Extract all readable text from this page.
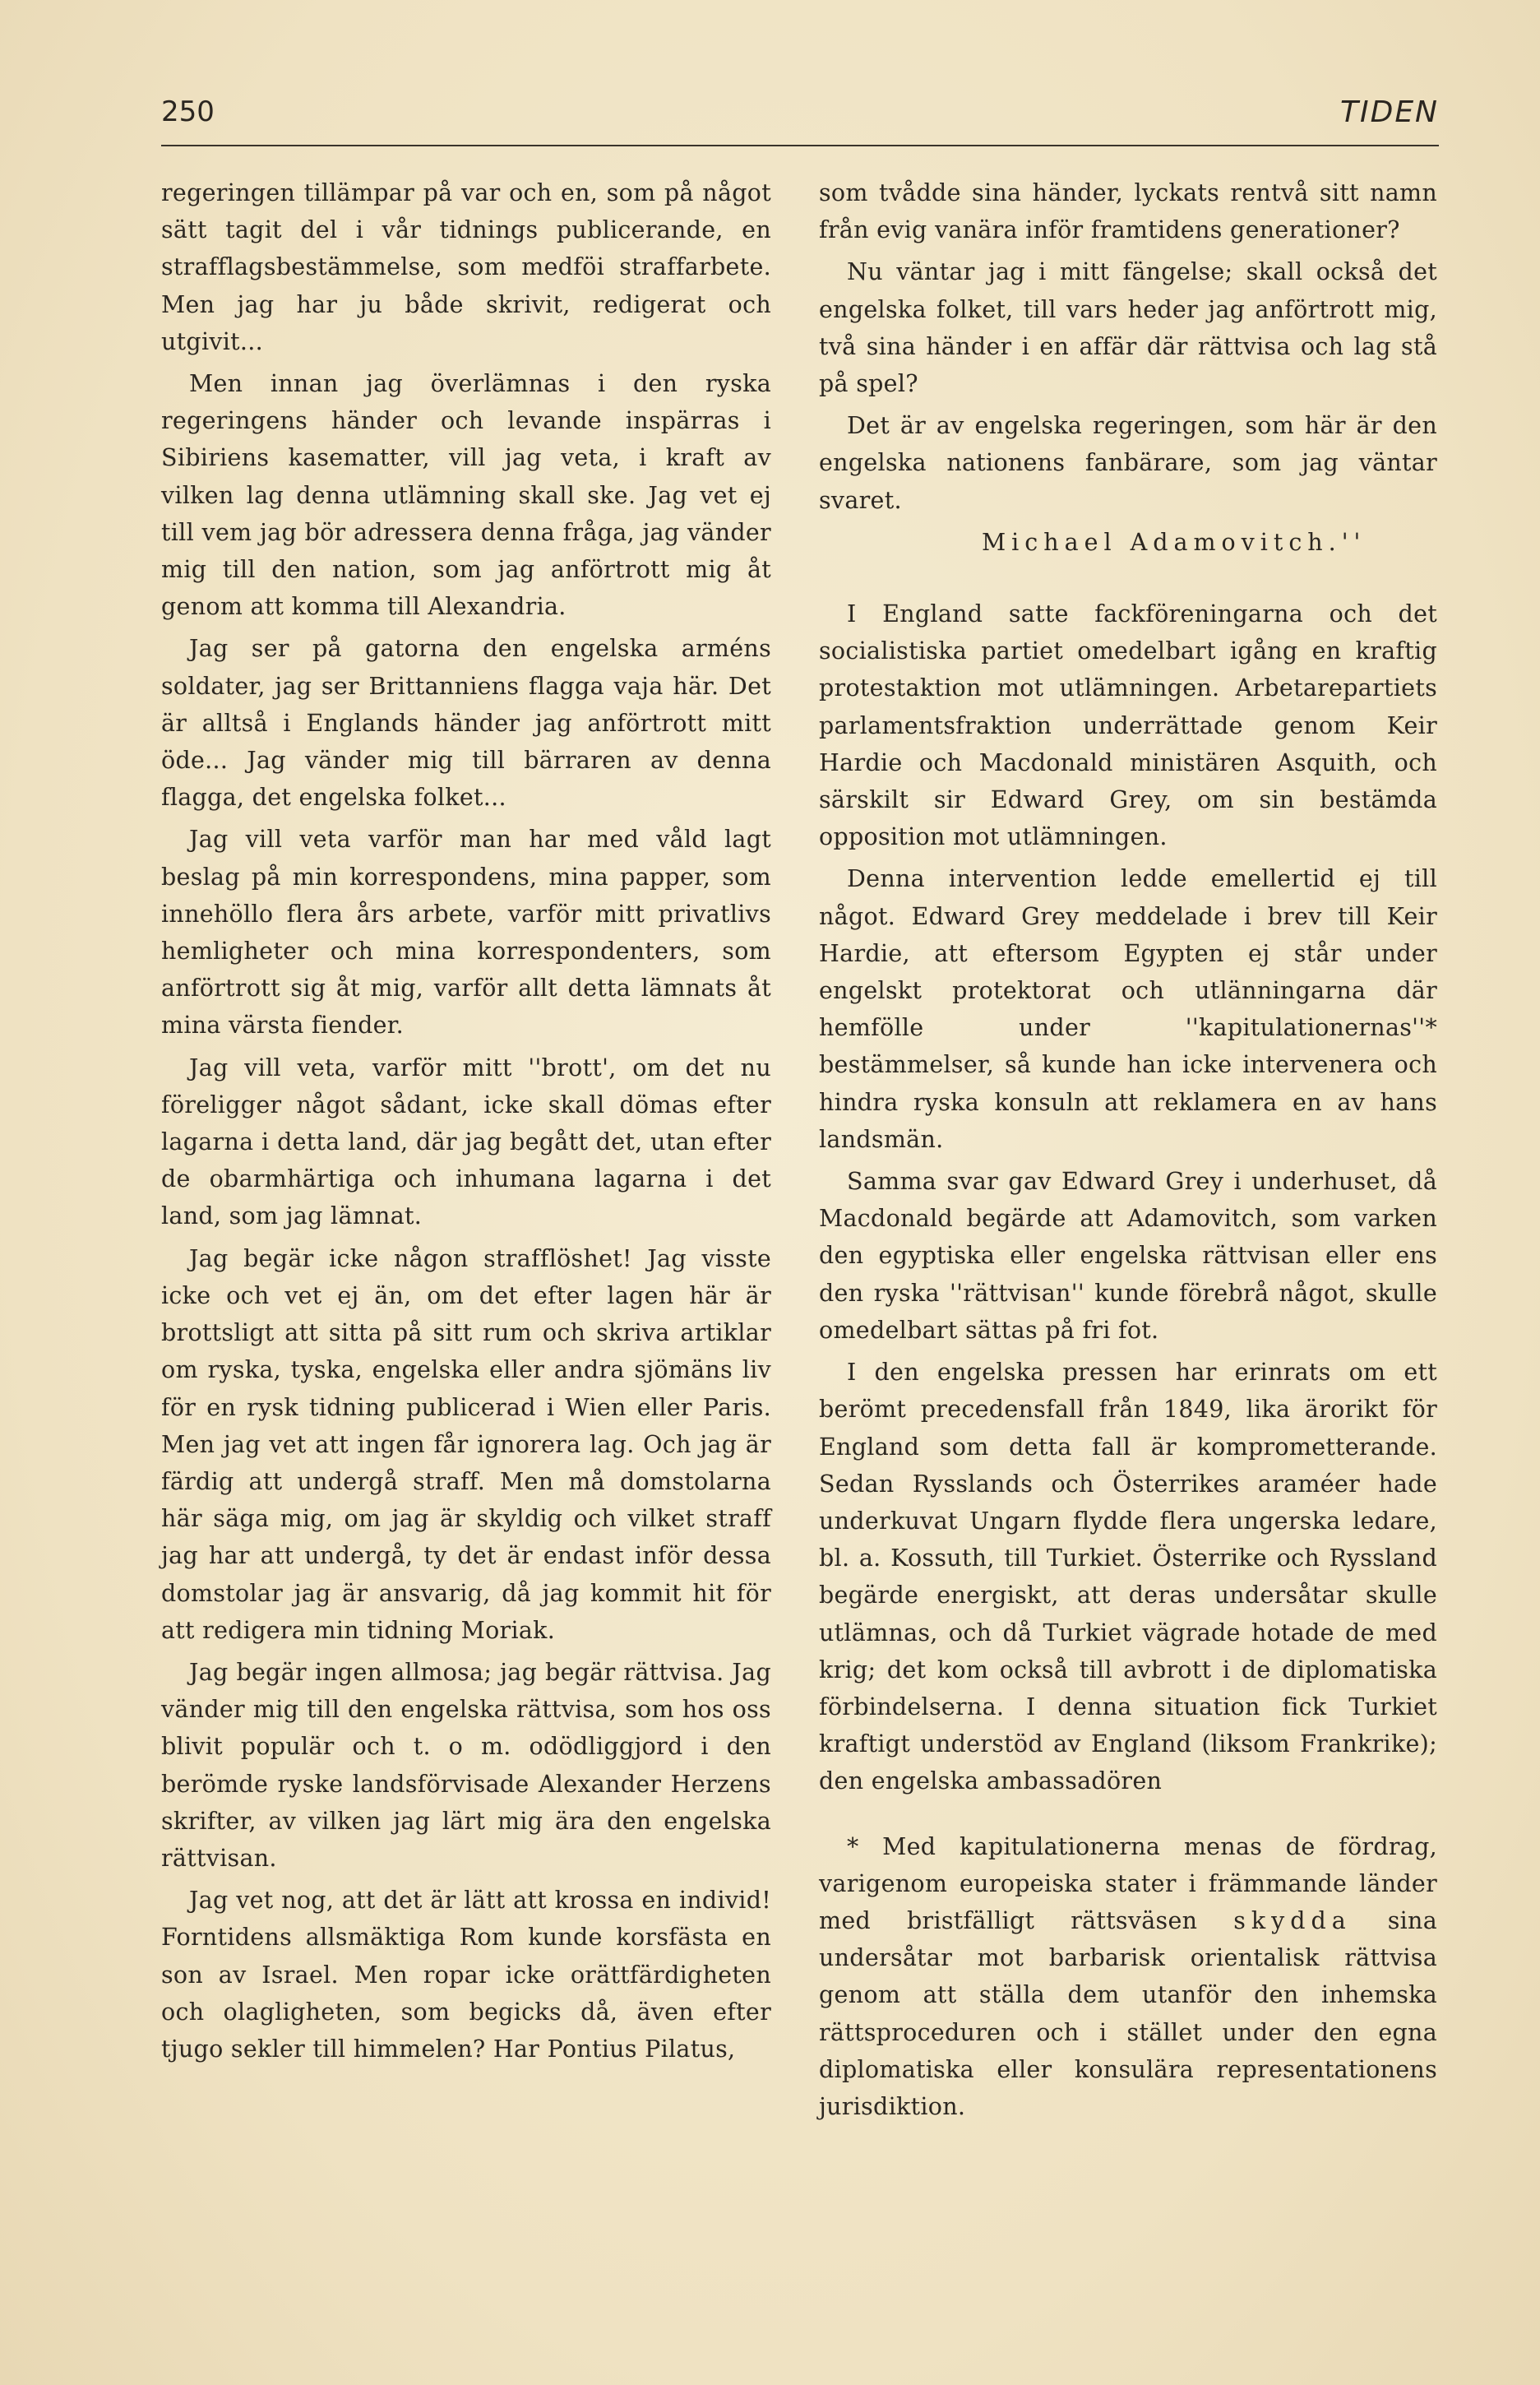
250	TIDEN

regeringen tillämpar på var och en, som på något sätt tagit del i vår tidnings publicerande, en strafflagsbestämmelse, som medföi straffarbete. Men jag har ju både skrivit, redigerat och utgivit...

Men innan jag överlämnas i den ryska regeringens händer och levande inspärras i Sibiriens kasematter, vill jag veta, i kraft av vilken lag denna utlämning skall ske. Jag vet ej till vem jag bör adressera denna fråga, jag vänder mig till den nation, som jag anförtrott mig åt genom att komma till Alexandria.

Jag ser på gatorna den engelska arméns soldater, jag ser Brittanniens flagga vaja här. Det är alltså i Englands händer jag anförtrott mitt öde... Jag vänder mig till bärraren av denna flagga, det engelska folket...

Jag vill veta varför man har med våld lagt beslag på min korrespondens, mina papper, som innehöllo flera års arbete, varför mitt privatlivs hemligheter och mina korrespondenters, som anförtrott sig åt mig, varför allt detta lämnats åt mina värsta fiender.

Jag vill veta, varför mitt ''brott', om det nu föreligger något sådant, icke skall dömas efter lagarna i detta land, där jag begått det, utan efter de obarmhärtiga och inhumana lagarna i det land, som jag lämnat.

Jag begär icke någon strafflöshet! Jag visste icke och vet ej än, om det efter lagen här är brottsligt att sitta på sitt rum och skriva artiklar om ryska, tyska, engelska eller andra sjömäns liv för en rysk tidning publicerad i Wien eller Paris. Men jag vet att ingen får ignorera lag. Och jag är färdig att undergå straff. Men må domstolarna här säga mig, om jag är skyldig och vilket straff jag har att undergå, ty det är endast inför dessa domstolar jag är ansvarig, då jag kommit hit för att redigera min tidning Moriak.

Jag begär ingen allmosa; jag begär rättvisa. Jag vänder mig till den engelska rättvisa, som hos oss blivit populär och t. o m. odödliggjord i den berömde ryske landsförvisade Alexander Herzens skrifter, av vilken jag lärt mig ära den engelska rättvisan.

Jag vet nog, att det är lätt att krossa en individ! Forntidens allsmäktiga Rom kunde korsfästa en son av Israel. Men ropar icke orättfärdigheten och olagligheten, som begicks då, även efter tjugo sekler till himmelen? Har Pontius Pilatus,

som tvådde sina händer, lyckats rentvå sitt namn från evig vanära inför framtidens generationer?

Nu väntar jag i mitt fängelse; skall också det engelska folket, till vars heder jag anförtrott mig, två sina händer i en affär där rättvisa och lag stå på spel?

Det är av engelska regeringen, som här är den engelska nationens fanbärare, som jag väntar svaret.

Michael Adamovitch.''

I England satte fackföreningarna och det socialistiska partiet omedelbart igång en kraftig protestaktion mot utlämningen. Arbetarepartiets parlamentsfraktion underrättade genom Keir Hardie och Macdonald ministären Asquith, och särskilt sir Edward Grey, om sin bestämda opposition mot utlämningen.

Denna intervention ledde emellertid ej till något. Edward Grey meddelade i brev till Keir Hardie, att eftersom Egypten ej står under engelskt protektorat och utlänningarna där hemfölle under ''kapitulationernas''* bestämmelser, så kunde han icke intervenera och hindra ryska konsuln att reklamera en av hans landsmän.

Samma svar gav Edward Grey i underhuset, då Macdonald begärde att Adamovitch, som varken den egyptiska eller engelska rättvisan eller ens den ryska ''rättvisan'' kunde förebrå något, skulle omedelbart sättas på fri fot.

I den engelska pressen har erinrats om ett berömt precedensfall från 1849, lika ärorikt för England som detta fall är komprometterande. Sedan Rysslands och Österrikes araméer hade underkuvat Ungarn flydde flera ungerska ledare, bl. a. Kossuth, till Turkiet. Österrike och Ryssland begärde energiskt, att deras undersåtar skulle utlämnas, och då Turkiet vägrade hotade de med krig; det kom också till avbrott i de diplomatiska förbindelserna. I denna situation fick Turkiet kraftigt understöd av England (liksom Frankrike); den engelska ambassadören

* Med kapitulationerna menas de fördrag, varigenom europeiska stater i främmande länder med bristfälligt rättsväsen skydda sina undersåtar mot barbarisk orientalisk rättvisa genom att ställa dem utanför den inhemska rättsproceduren och i stället under den egna diplomatiska eller konsulära representationens jurisdiktion.
